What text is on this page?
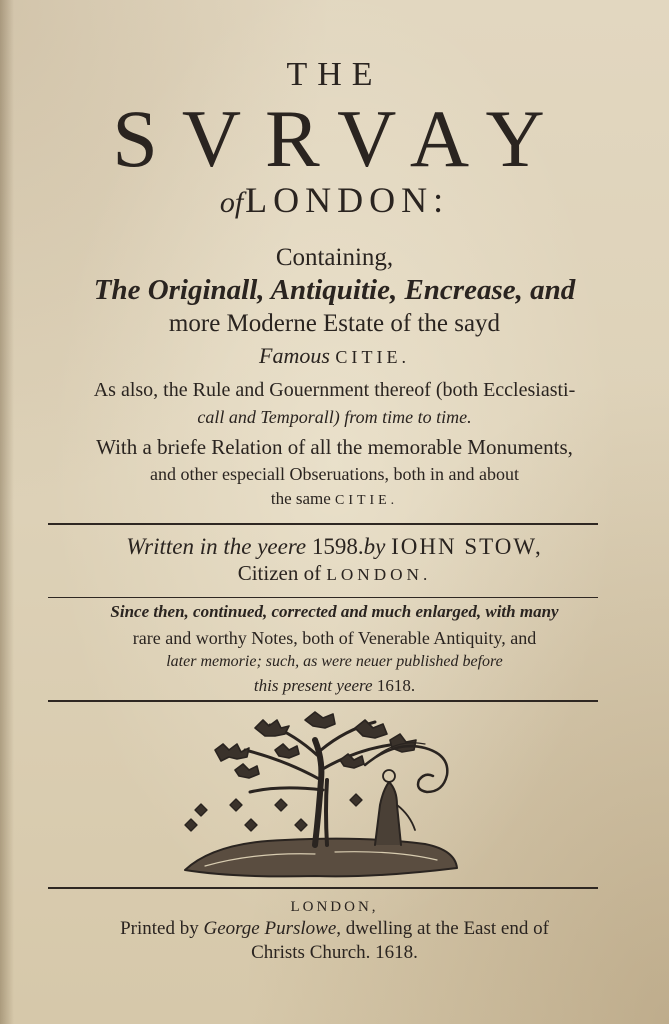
THE
SVRVAY
ofLONDON:
Containing,
The Originall, Antiquitie, Encrease, and
more Moderne Estate of the sayd
Famous CITIE.
As also, the Rule and Gouernment thereof (both Ecclesiasti-
call and Temporall) from time to time.
With a briefe Relation of all the memorable Monuments,
and other especiall Obseruations, both in and about
the same CITIE.
Written in the yeere 1598.by IOHN STOW,
Citizen of LONDON.
Since then, continued, corrected and much enlarged, with many
rare and worthy Notes, both of Venerable Antiquity, and
later memorie; such, as were neuer published before
this present yeere 1618.
LONDON,
Printed by George Purslowe, dwelling at the East end of
Christs Church. 1618.
